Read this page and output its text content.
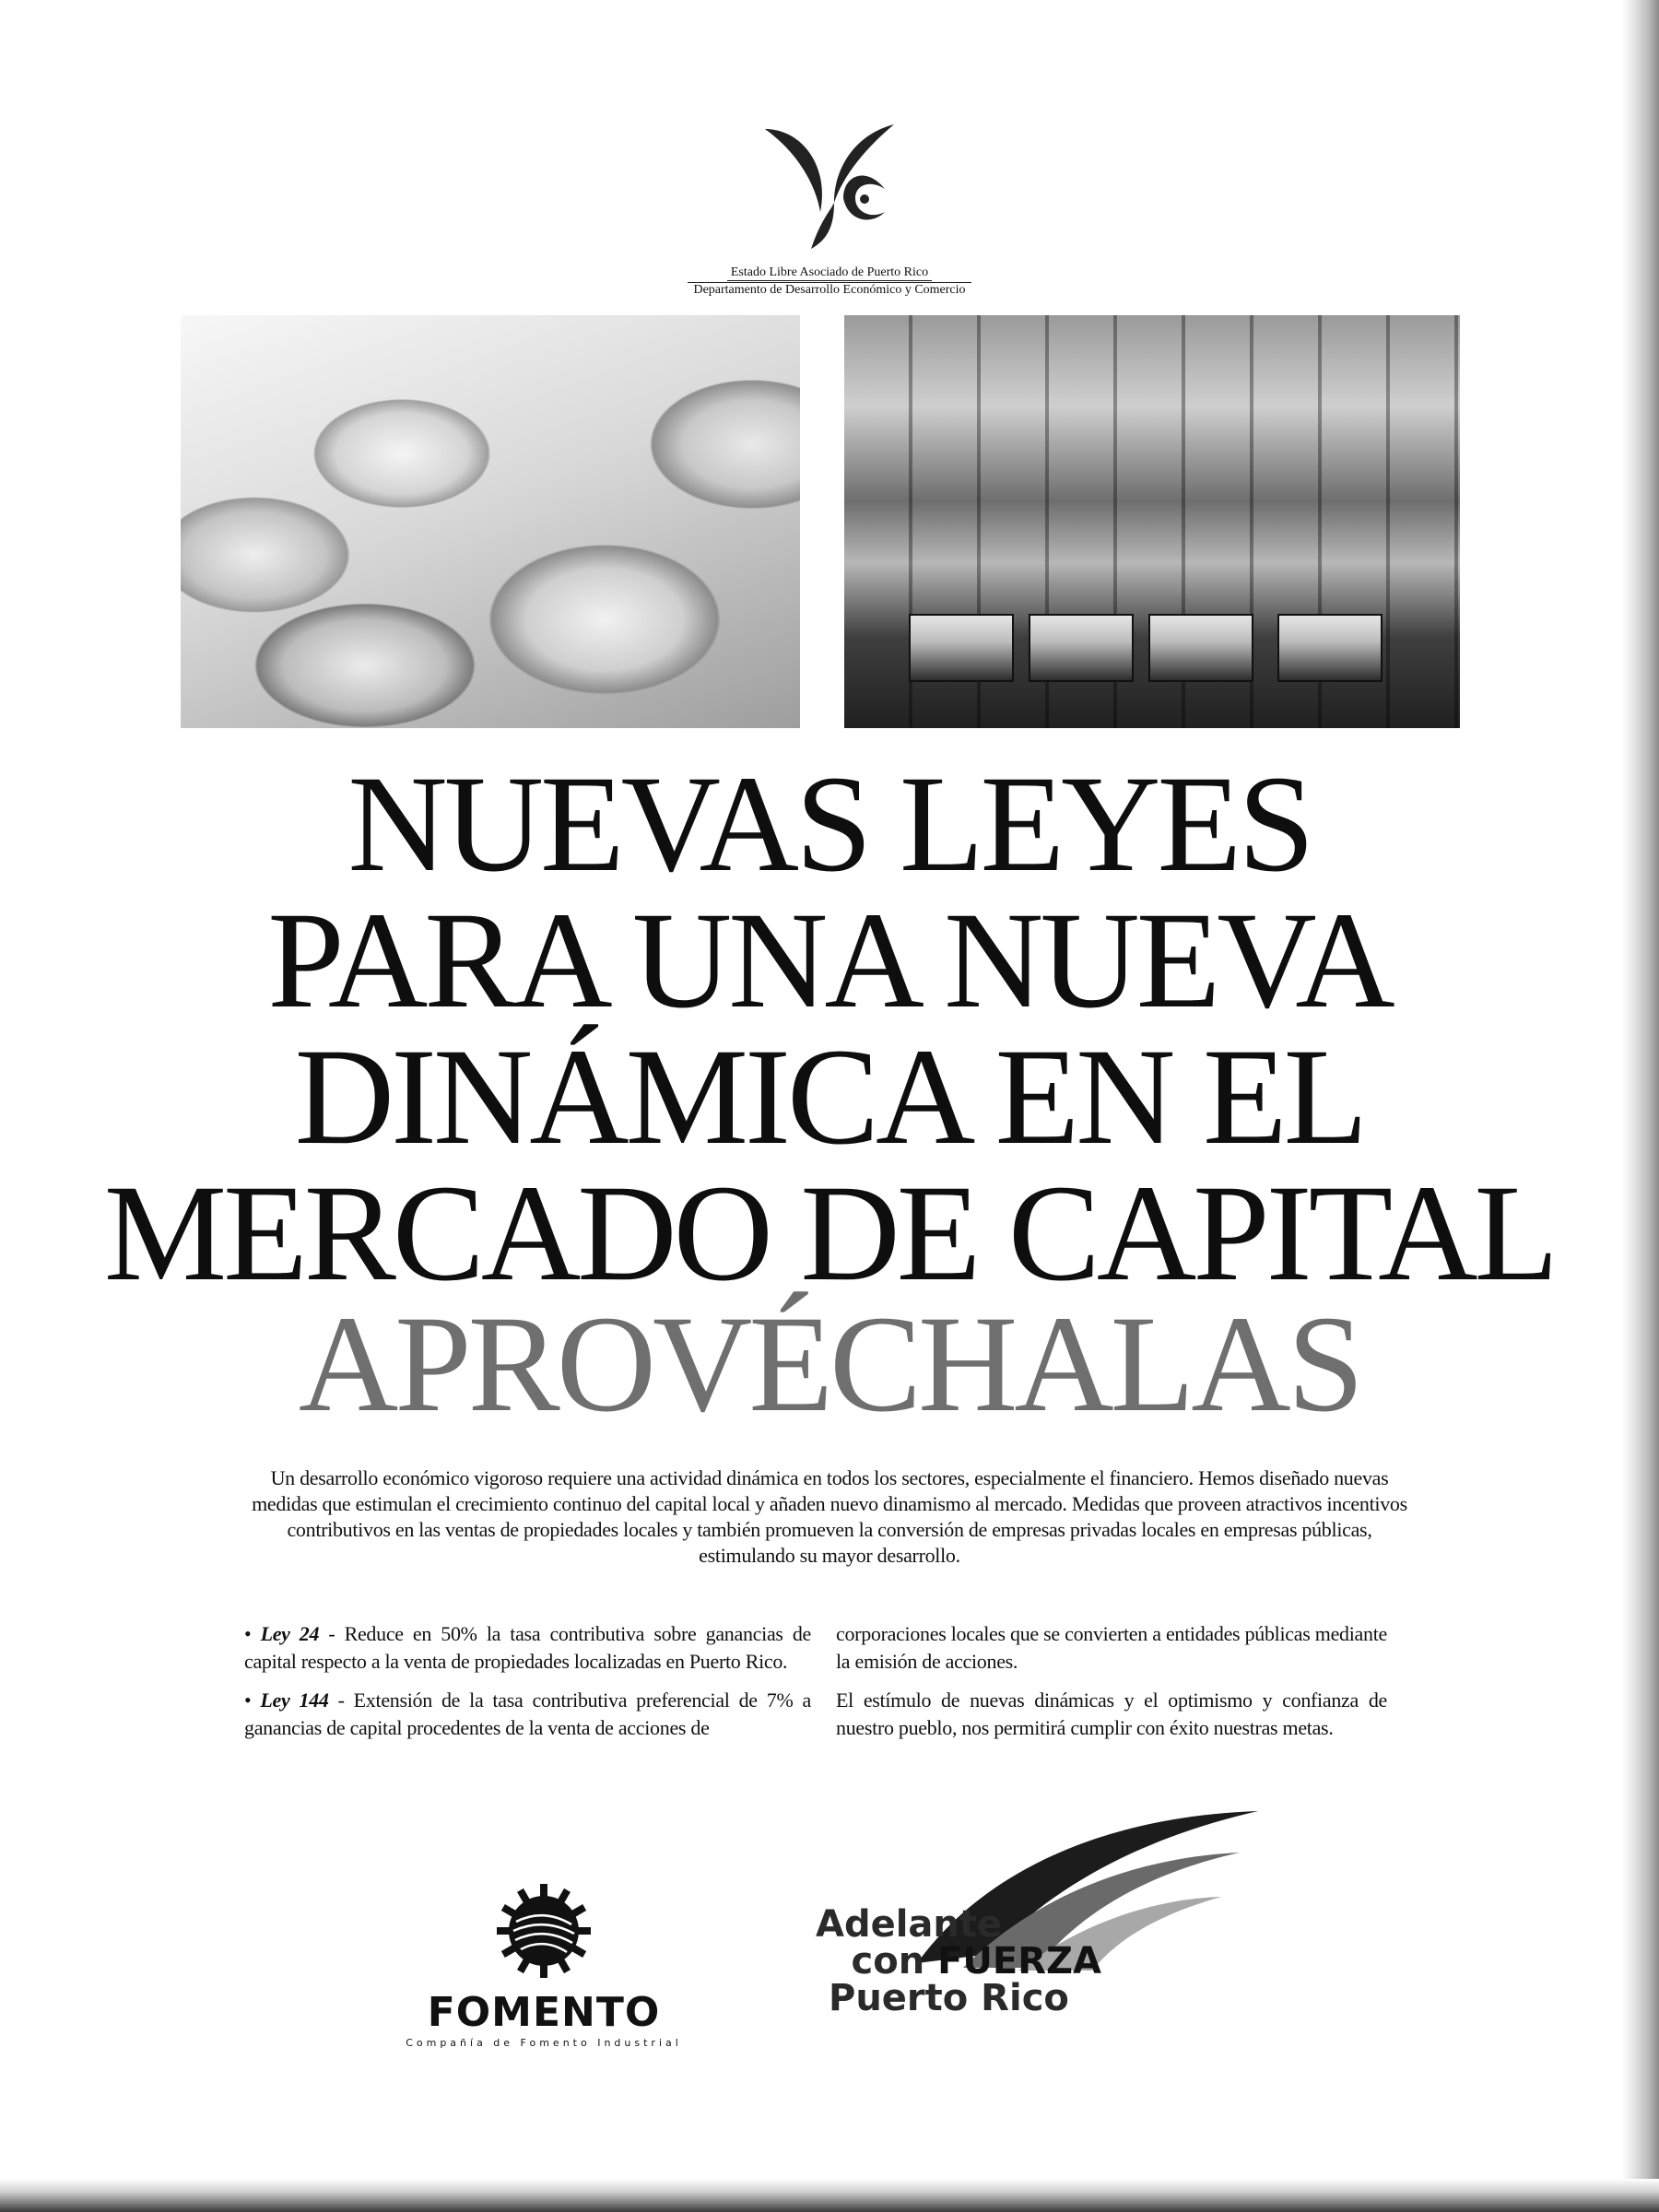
Estado Libre Asociado de Puerto Rico
Departamento de Desarrollo Económico y Comercio
NUEVAS LEYES
PARA UNA NUEVA
DINÁMICA EN EL
MERCADO DE CAPITAL
APROVÉCHALAS
Un desarrollo económico vigoroso requiere una actividad dinámica en todos los sectores, especialmente el financiero. Hemos diseñado nuevas medidas que estimulan el crecimiento continuo del capital local y añaden nuevo dinamismo al mercado. Medidas que proveen atractivos incentivos contributivos en las ventas de propiedades locales y también promueven la conversión de empresas privadas locales en empresas públicas, estimulando su mayor desarrollo.

• Ley 24 - Reduce en 50% la tasa contributiva sobre ganancias de capital respecto a la venta de propiedades localizadas en Puerto Rico.

• Ley 144 - Extensión de la tasa contributiva preferencial de 7% a ganancias de capital procedentes de la venta de acciones de

corporaciones locales que se convierten a entidades públicas mediante la emisión de acciones.

El estímulo de nuevas dinámicas y el optimismo y confianza de nuestro pueblo, nos permitirá cumplir con éxito nuestras metas.

FOMENTO
Compañía de Fomento Industrial
Adelante
con FUERZA
Puerto Rico
